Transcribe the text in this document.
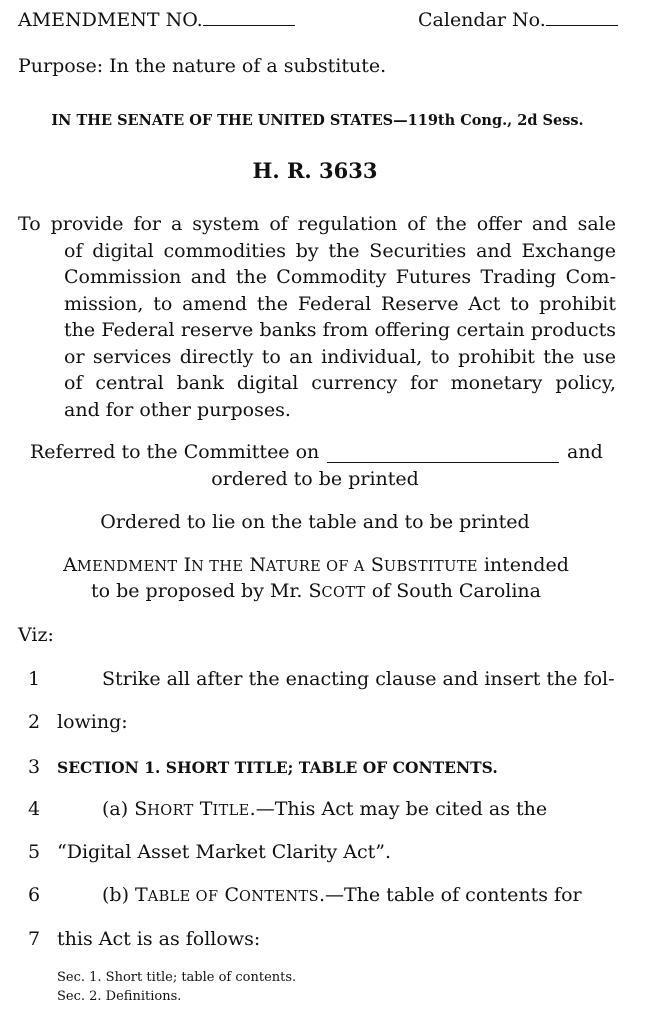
AMENDMENT NO.	Calendar No.
Purpose: In the nature of a substitute.
IN THE SENATE OF THE UNITED STATES—119th Cong., 2d Sess.
H. R. 3633
To provide for a system of regulation of the offer and sale
of digital commodities by the Securities and Exchange
Commission and the Commodity Futures Trading Com-
mission, to amend the Federal Reserve Act to prohibit
the Federal reserve banks from offering certain products
or services directly to an individual, to prohibit the use
of central bank digital currency for monetary policy,
and for other purposes.
Referred to the Committee on	and
ordered to be printed
Ordered to lie on the table and to be printed
AMENDMENT IN THE NATURE OF A SUBSTITUTE intended
to be proposed by Mr. SCOTT of South Carolina
Viz:
1	Strike all after the enacting clause and insert the fol-
2 lowing:
3 SECTION 1. SHORT TITLE; TABLE OF CONTENTS.
4	(a) SHORT TITLE.—This Act may be cited as the
5 “Digital Asset Market Clarity Act”.
6	(b) TABLE OF CONTENTS.—The table of contents for
7 this Act is as follows:
Sec. 1. Short title; table of contents.
Sec. 2. Definitions.
